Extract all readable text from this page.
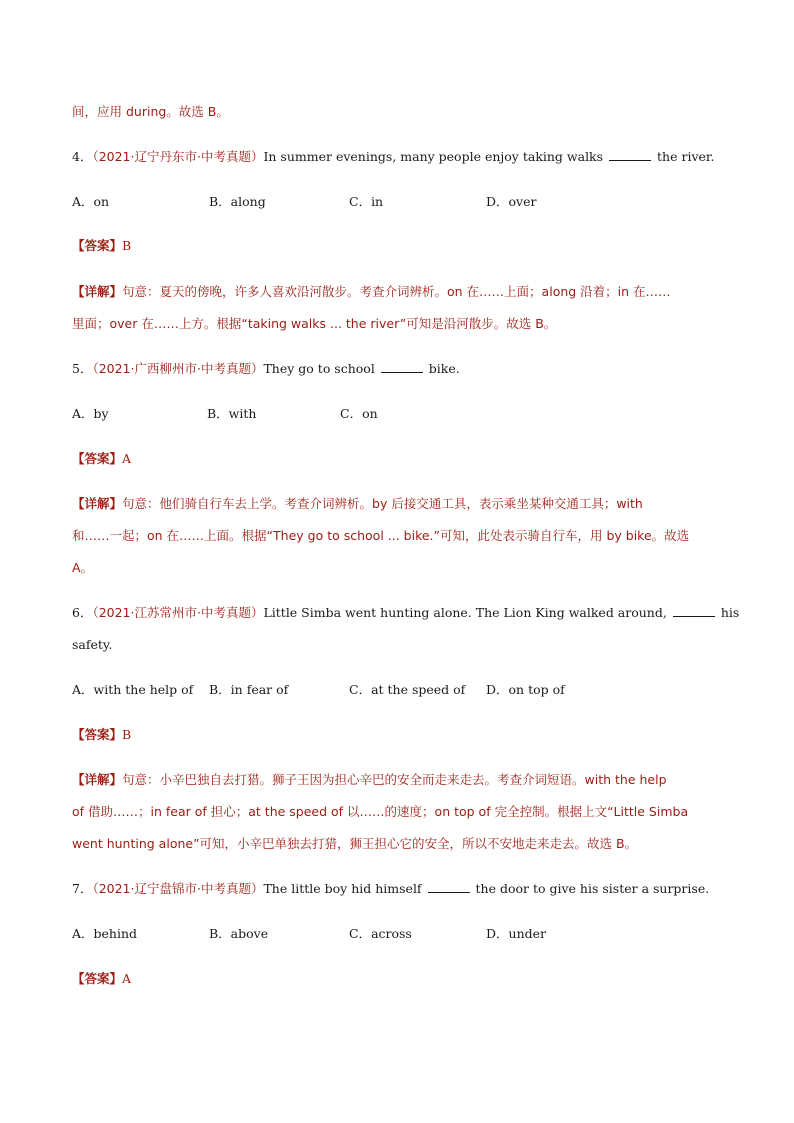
间，应用 during。故选 B。
4．（2021·辽宁丹东市·中考真题）In summer evenings, many people enjoy taking walks	the river.
A．on	B．along	C．in	D．over
【答案】B
【详解】句意：夏天的傍晚，许多人喜欢沿河散步。考查介词辨析。on 在……上面；along 沿着；in 在……
里面；over 在……上方。根据“taking walks ... the river”可知是沿河散步。故选 B。
5．（2021·广西柳州市·中考真题）They go to school	bike.
A．by	B．with	C．on
【答案】A
【详解】句意：他们骑自行车去上学。考查介词辨析。by 后接交通工具，表示乘坐某种交通工具；with
和……一起；on 在……上面。根据“They go to school ... bike.”可知，此处表示骑自行车，用 by bike。故选
A。
6．（2021·江苏常州市·中考真题）Little Simba went hunting alone. The Lion King walked around,	his
safety.
A．with the help of B．in fear of	C．at the speed of D．on top of
【答案】B
【详解】句意：小辛巴独自去打猎。狮子王因为担心辛巴的安全而走来走去。考查介词短语。with the help
of 借助……；in fear of 担心；at the speed of 以……的速度；on top of 完全控制。根据上文“Little Simba
went hunting alone”可知，小辛巴单独去打猎，狮王担心它的安全，所以不安地走来走去。故选 B。
7．（2021·辽宁盘锦市·中考真题）The little boy hid himself	the door to give his sister a surprise.
A．behind	B．above	C．across	D．under
【答案】A
